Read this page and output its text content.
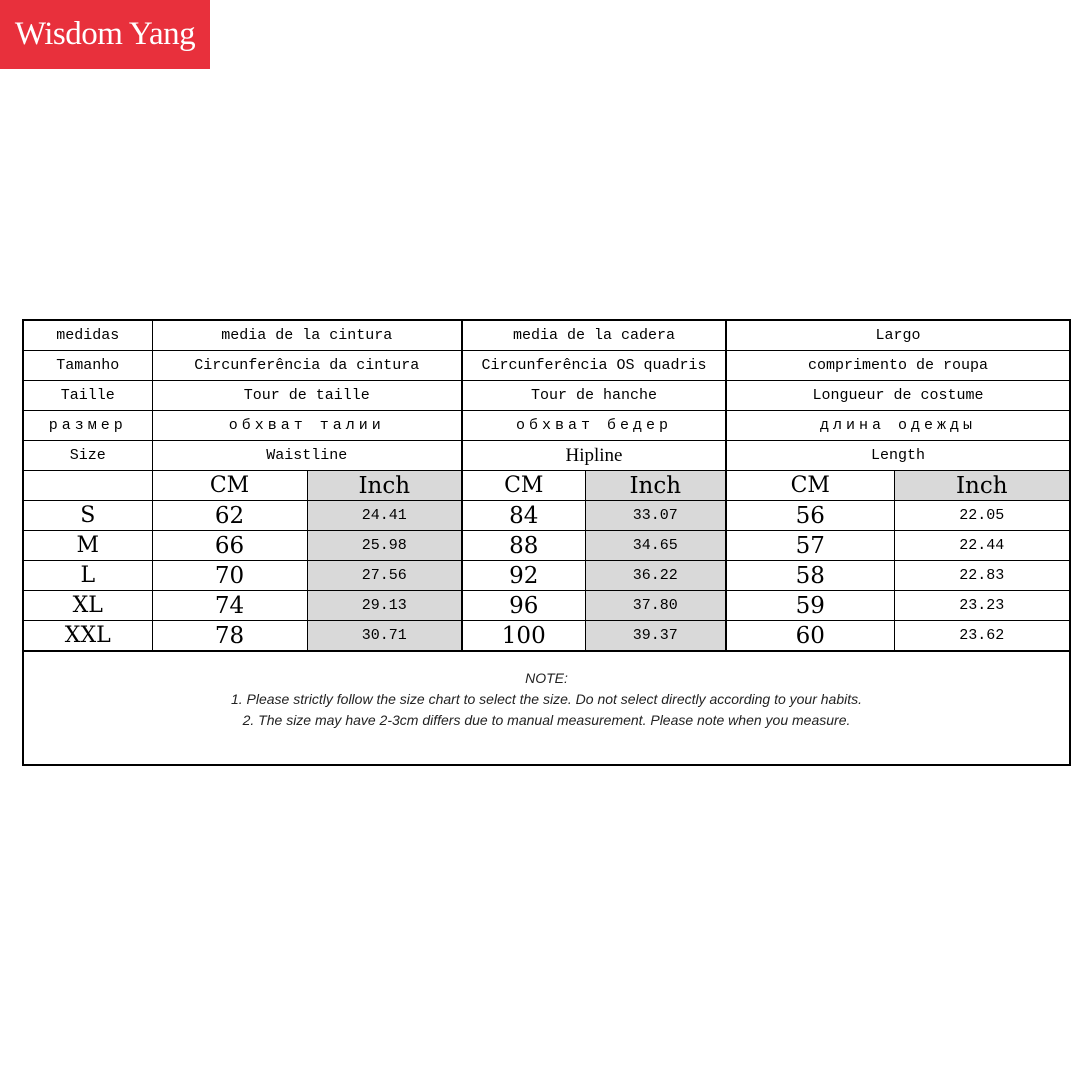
Wisdom Yang
medidas	media de la cintura		media de la cadera		Largo	
Tamanho	Circunferência da cintura		Circunferência OS quadris		comprimento de roupa	
Taille	Tour de taille		Tour de hanche		Longueur de costume	
размер	обхват талии		обхват бедер		длина одежды	
Size	Waistline		Hipline		Length	
	CM	Inch	CM	Inch	CM	Inch
S	62	24.41	84	33.07	56	22.05
M	66	25.98	88	34.65	57	22.44
L	70	27.56	92	36.22	58	22.83
XL	74	29.13	96	37.80	59	23.23
XXL	78	30.71	100	39.37	60	23.62
NOTE:
1. Please strictly follow the size chart to select the size. Do not select directly according to your habits.
2. The size may have 2-3cm differs due to manual measurement. Please note when you measure.
